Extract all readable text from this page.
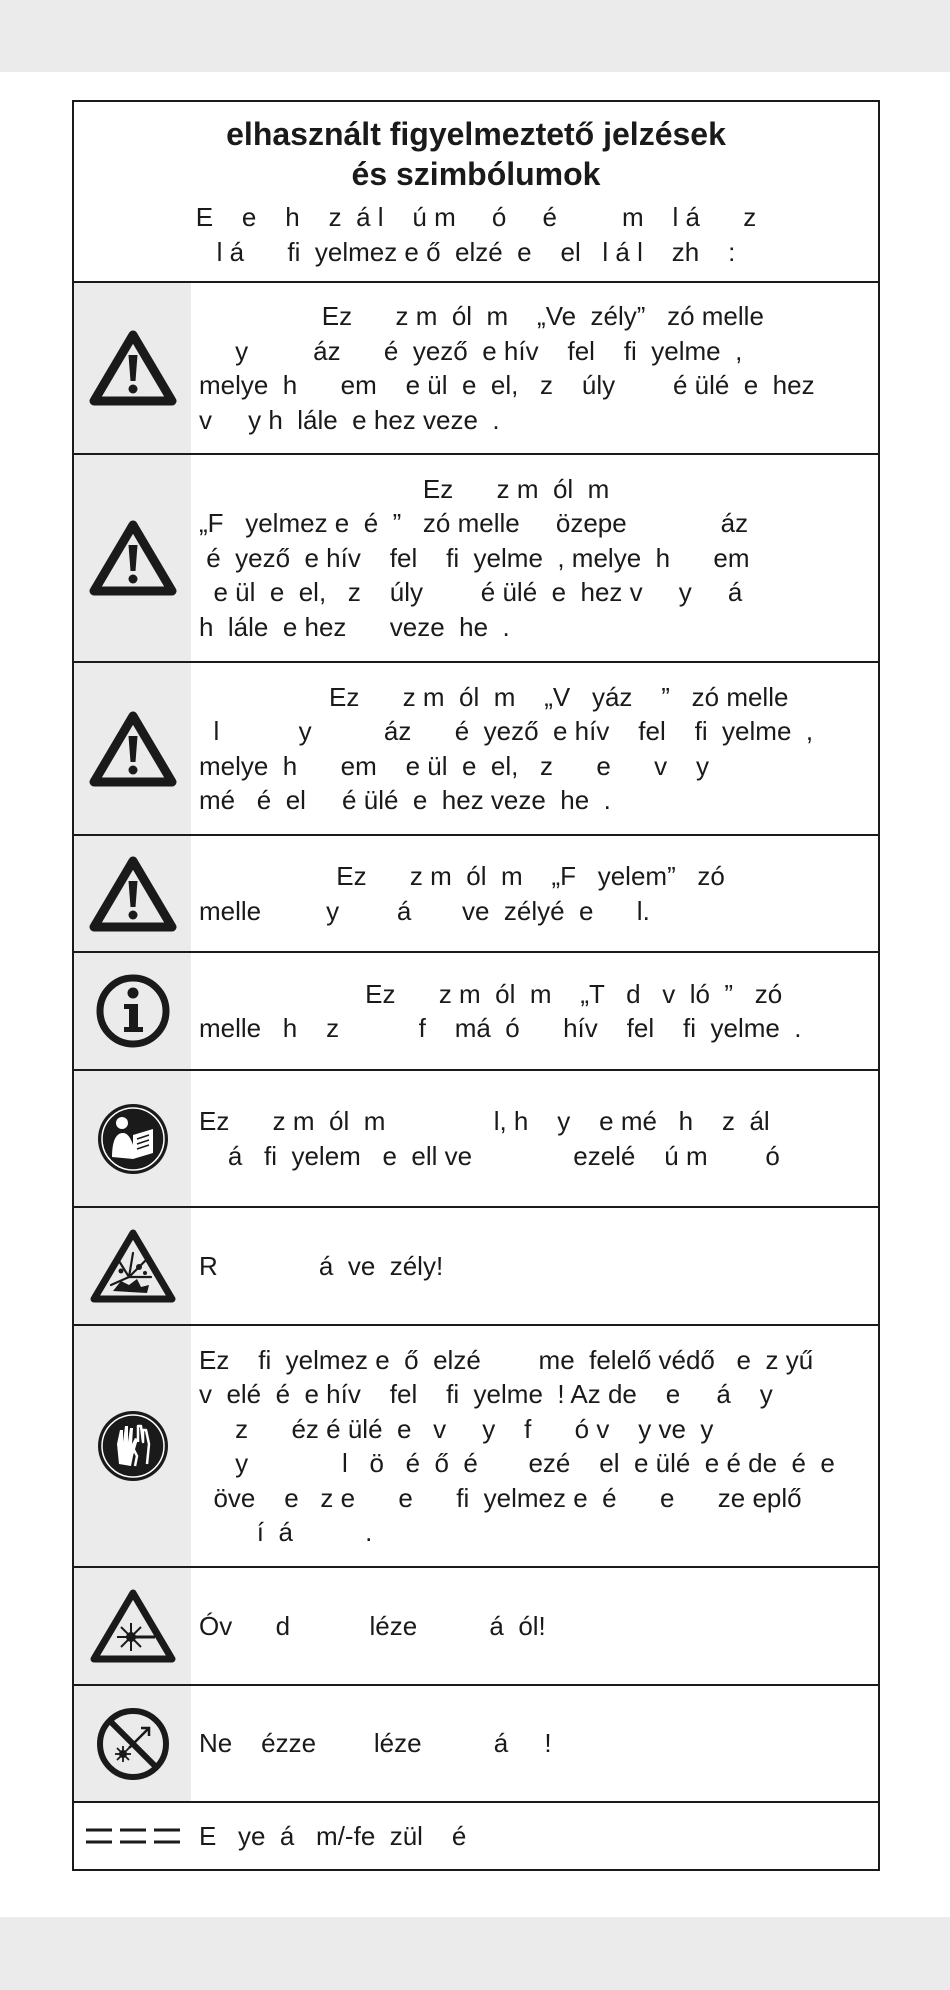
elhasznált figyelmeztető jelzések
és szimbólumok
E    e    h    z  á l    ú m     ó     é         m    l á      z
l á      fi  yelmez e ő  elzé  e    el   l á l    zh    :
Ez      z m  ól  m    „Ve  zély”   zó melle
y         áz      é  yező  e hív    fel    fi  yelme  ,
melye  h      em    e ül  e  el,   z    úly        é ülé  e  hez
v     y h  lále  e hez veze  .
Ez      z m  ól  m
„F   yelmez e  é  ”   zó melle     özepe             áz
é  yező  e hív    fel    fi  yelme  , melye  h      em
e ül  e  el,   z    úly        é ülé  e  hez v     y     á
h  lále  e hez      veze  he  .
Ez      z m  ól  m    „V   yáz    ”   zó melle
l           y          áz      é  yező  e hív    fel    fi  yelme  ,
melye  h      em    e ül  e  el,   z      e      v    y
mé   é  el     é ülé  e  hez veze  he  .
Ez      z m  ól  m    „F   yelem”   zó
melle         y        á       ve  zélyé  e      l.
Ez      z m  ól  m    „T   d   v  ló  ”   zó
melle   h    z           f    má  ó      hív    fel    fi  yelme  .
Ez      z m  ól  m               l, h    y    e mé   h    z  ál
á   fi  yelem   e  ell ve              ezelé    ú m        ó
R              á  ve  zély!
Ez    fi  yelmez e  ő  elzé        me  felelő védő   e  z yű
v  elé  é  e hív    fel    fi  yelme  ! Az de    e     á    y
z      éz é ülé  e   v     y    f      ó v    y ve  y
y             l   ö   é  ő  é       ezé    el  e ülé  e é de  é  e
öve    e   z e      e      fi  yelmez e  é      e      ze eplő
í  á          .
Óv      d           léze          á  ól!
Ne    ézze        léze          á     !
E   ye  á   m/-fe  zül    é
